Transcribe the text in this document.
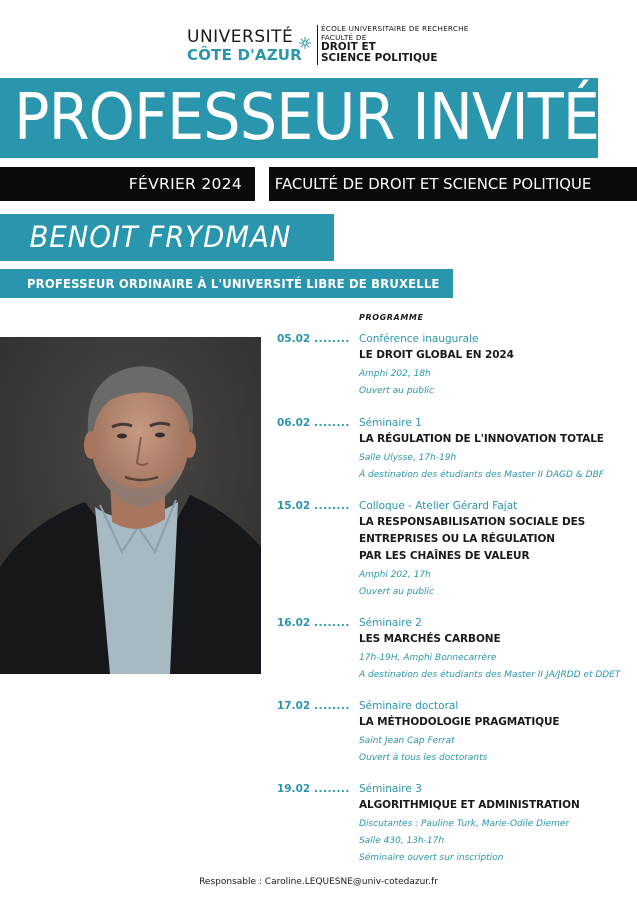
UNIVERSITÉ
CÔTE D'AZUR
ÉCOLE UNIVERSITAIRE DE RECHERCHE
FACULTÉ DE
DROIT ET
SCIENCE POLITIQUE
PROFESSEUR INVITÉ
FÉVRIER 2024	FACULTÉ DE DROIT ET SCIENCE POLITIQUE
BENOIT FRYDMAN
PROFESSEUR ORDINAIRE À L'UNIVERSITÉ LIBRE DE BRUXELLE
PROGRAMME
05.02 ........ Conférence inaugurale
LE DROIT GLOBAL EN 2024
Amphi 202, 18h
Ouvert au public
06.02 ........ Séminaire 1
LA RÉGULATION DE L'INNOVATION TOTALE
Salle Ulysse, 17h-19h
À destination des étudiants des Master II DAGD & DBF
15.02 ........ Colloque - Atelier Gérard Fajat
LA RESPONSABILISATION SOCIALE DES
ENTREPRISES OU LA RÉGULATION
PAR LES CHAÎNES DE VALEUR
Amphi 202, 17h
Ouvert au public
16.02 ........ Séminaire 2
LES MARCHÉS CARBONE
17h-19H, Amphi Bonnecarrère
A destination des étudiants des Master II JA/JRDD et DDET
17.02 ........ Séminaire doctoral
LA MÉTHODOLOGIE PRAGMATIQUE
Saint Jean Cap Ferrat
Ouvert à tous les doctorants
19.02 ........ Séminaire 3
ALGORITHMIQUE ET ADMINISTRATION
Discutantes : Pauline Turk, Marie-Odile Diemer
Salle 430, 13h-17h
Séminaire ouvert sur inscription
Responsable : Caroline.LEQUESNE@univ-cotedazur.fr
